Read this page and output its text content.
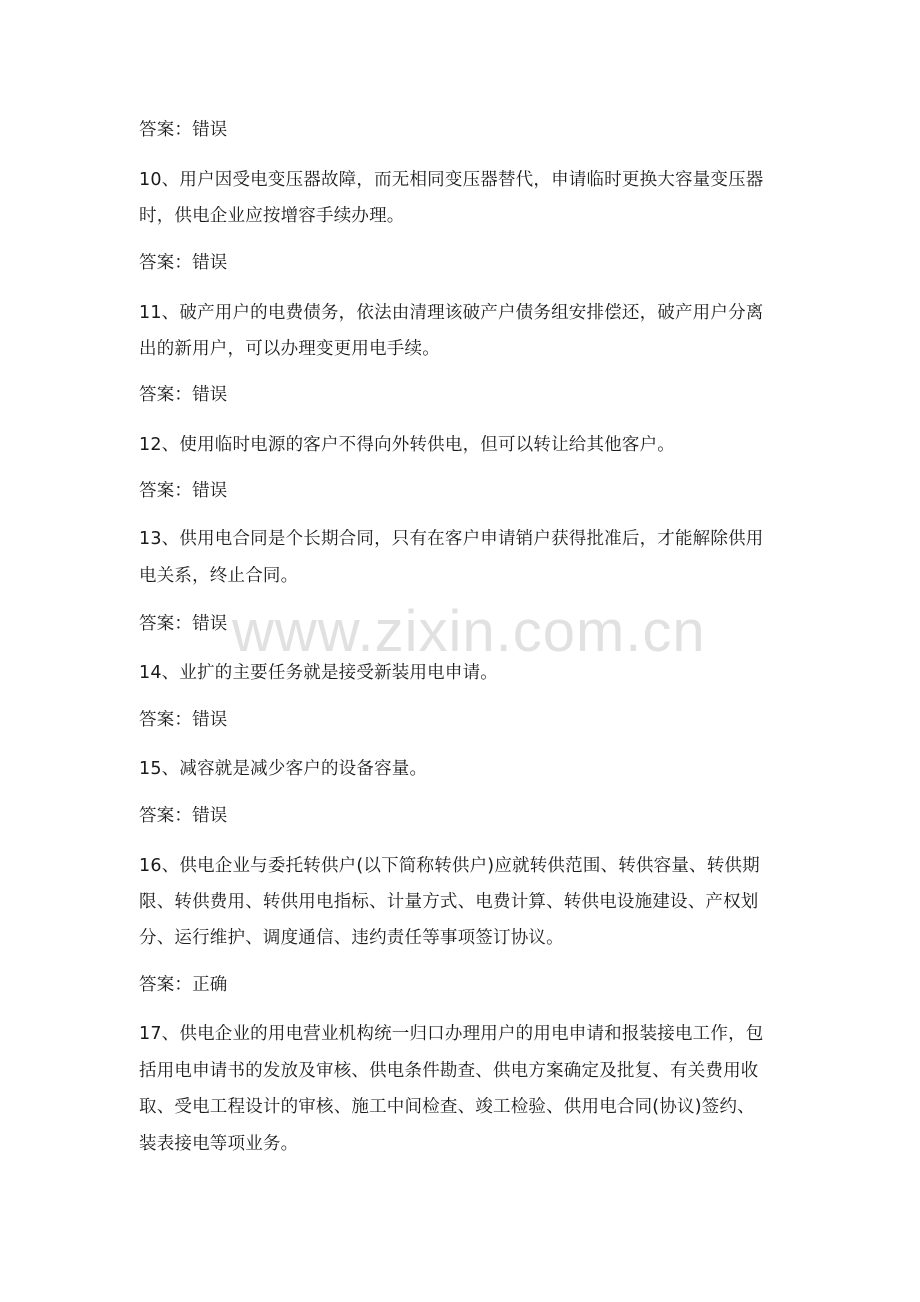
答案：错误
10、用户因受电变压器故障，而无相同变压器替代，申请临时更换大容量变压器
时，供电企业应按增容手续办理。
答案：错误
11、破产用户的电费债务，依法由清理该破产户债务组安排偿还，破产用户分离
出的新用户，可以办理变更用电手续。
答案：错误
12、使用临时电源的客户不得向外转供电，但可以转让给其他客户。
答案：错误
13、供用电合同是个长期合同，只有在客户申请销户获得批准后，才能解除供用
电关系，终止合同。
答案：错误
14、业扩的主要任务就是接受新装用电申请。
答案：错误
15、减容就是减少客户的设备容量。
答案：错误
16、供电企业与委托转供户(以下简称转供户)应就转供范围、转供容量、转供期
限、转供费用、转供用电指标、计量方式、电费计算、转供电设施建设、产权划
分、运行维护、调度通信、违约责任等事项签订协议。
答案：正确
17、供电企业的用电营业机构统一归口办理用户的用电申请和报装接电工作，包
括用电申请书的发放及审核、供电条件勘查、供电方案确定及批复、有关费用收
取、受电工程设计的审核、施工中间检查、竣工检验、供用电合同(协议)签约、
装表接电等项业务。
www.zixin.com.cn
